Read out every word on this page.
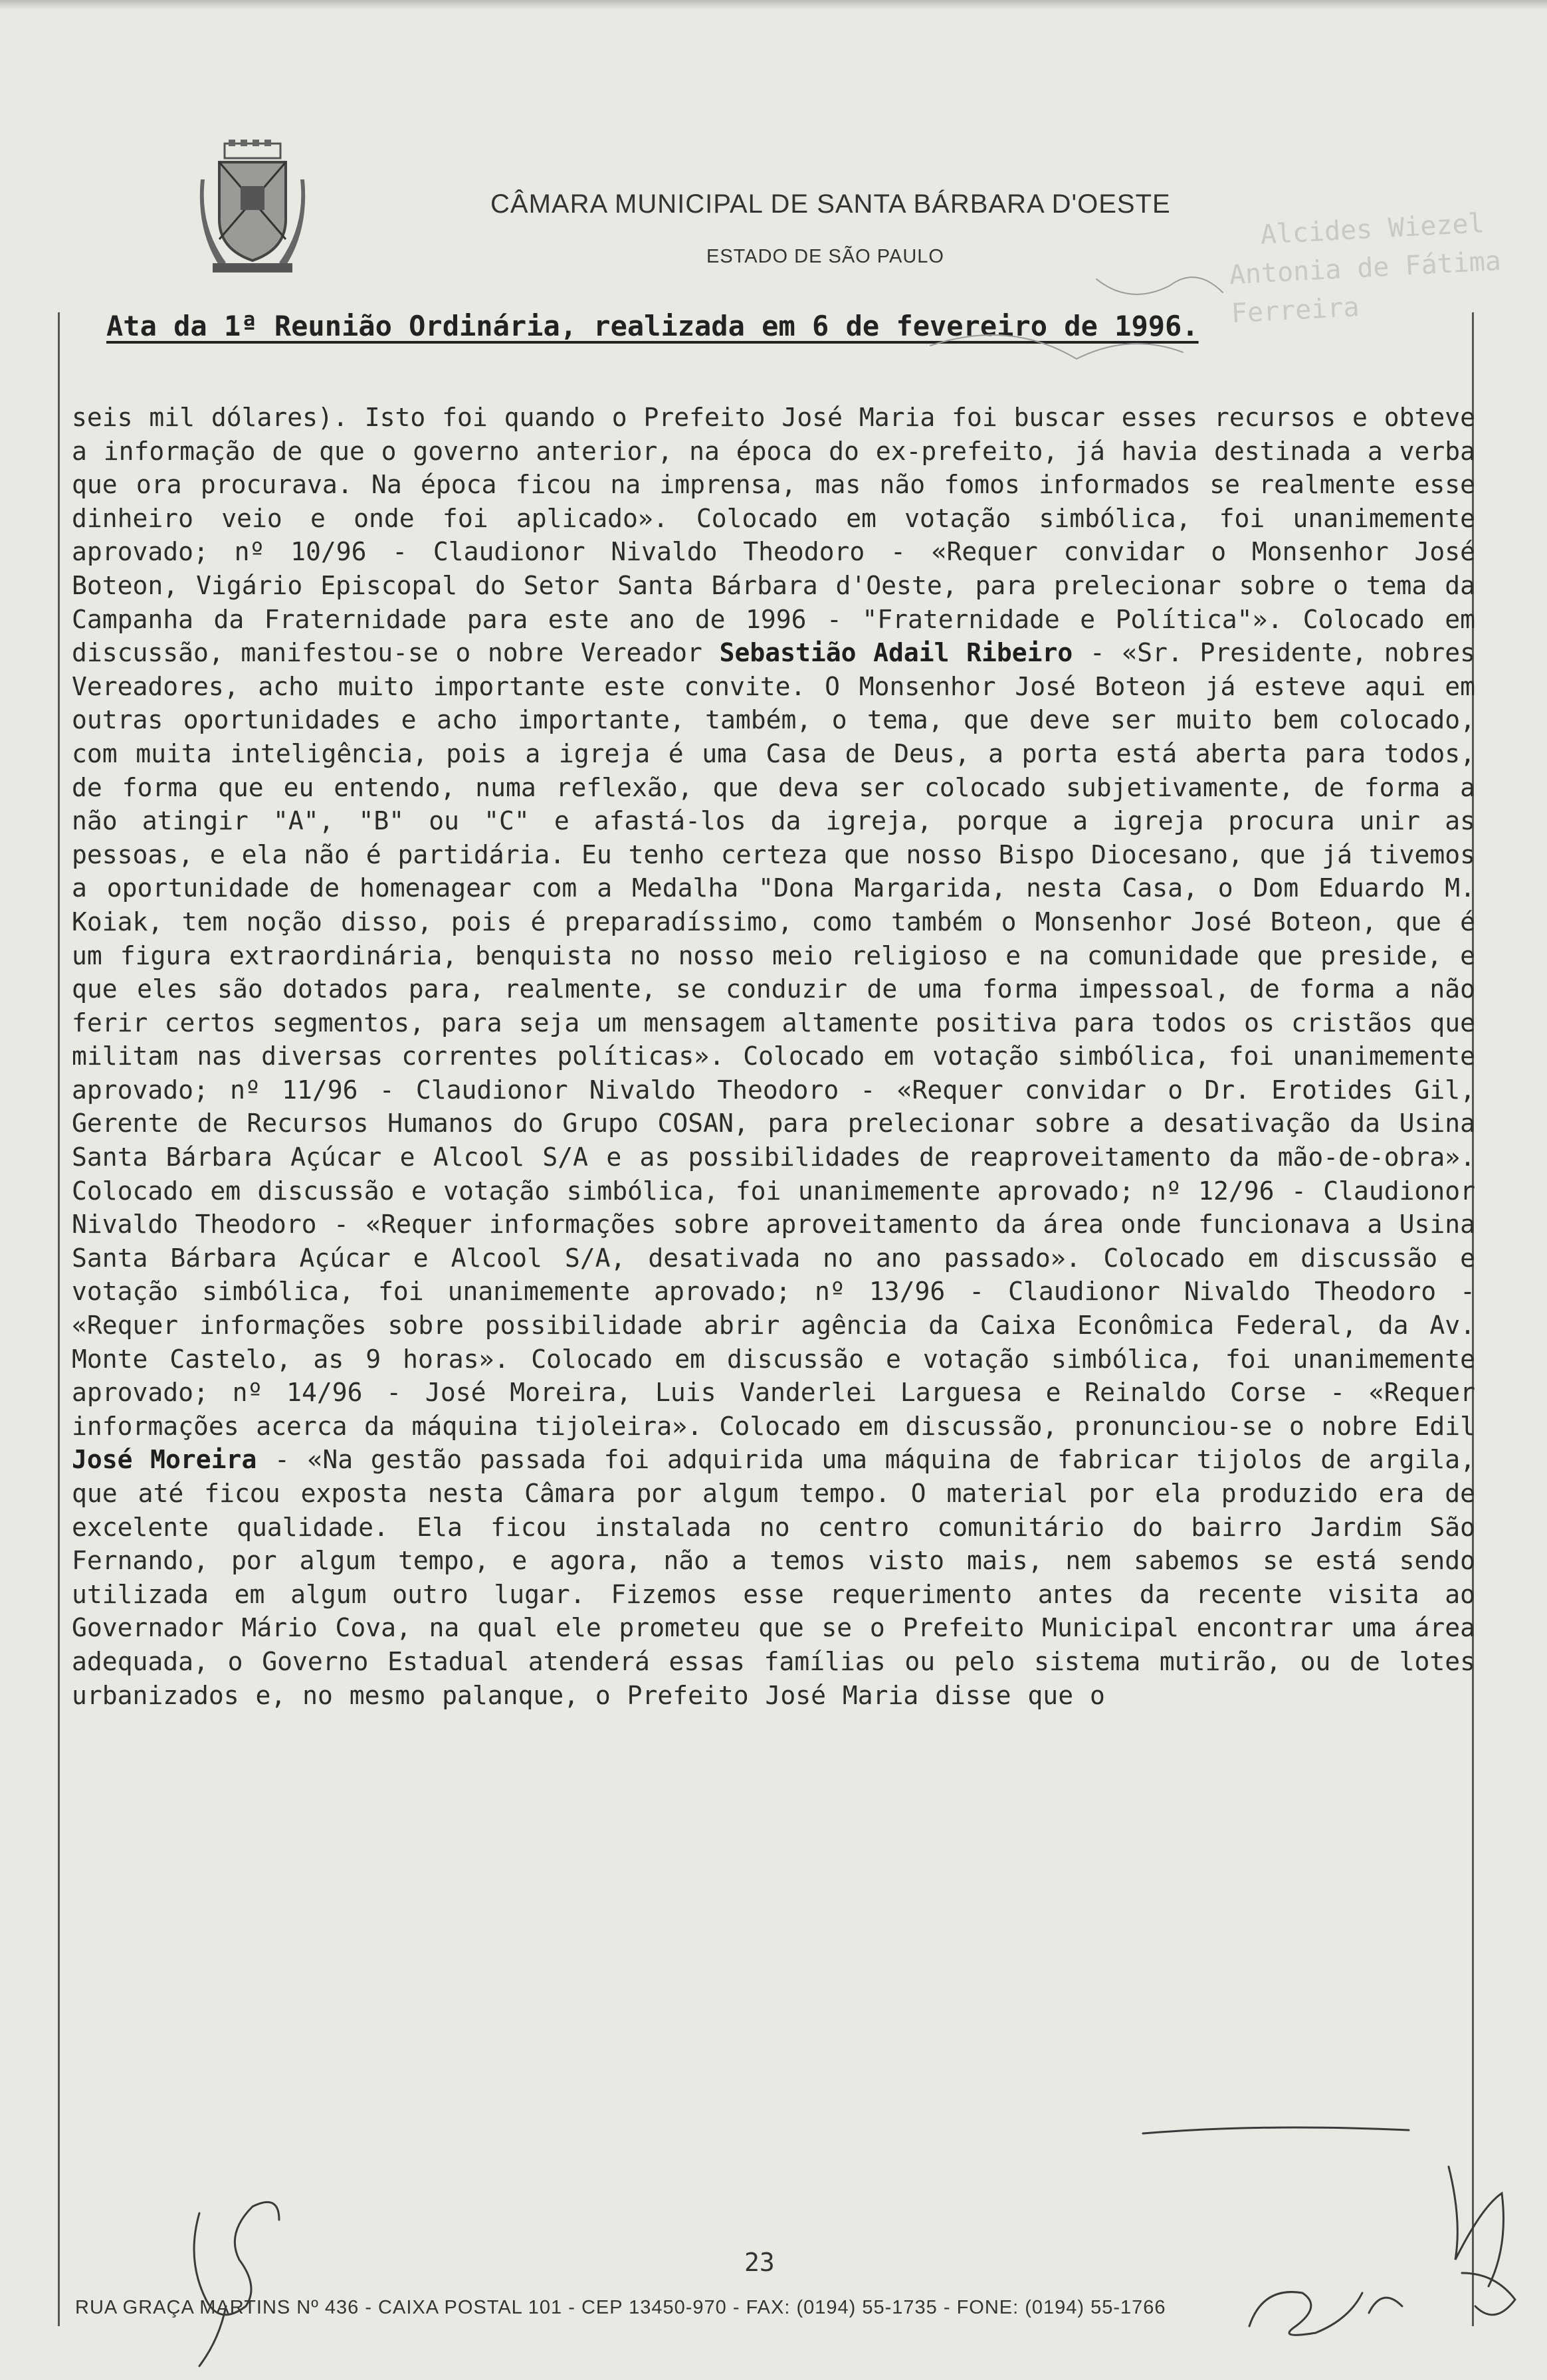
CÂMARA MUNICIPAL DE SANTA BÁRBARA D'OESTE
ESTADO DE SÃO PAULO
Alcides Wiezel
Antonia de Fátima Ferreira
Ata da 1ª Reunião Ordinária, realizada em 6 de fevereiro de 1996.
seis mil dólares). Isto foi quando o Prefeito José Maria foi buscar esses recursos e obteve a informação de que o governo anterior, na época do ex-prefeito, já havia destinada a verba que ora procurava. Na época ficou na imprensa, mas não fomos informados se realmente esse dinheiro veio e onde foi aplicado». Colocado em votação simbólica, foi unanimemente aprovado; nº 10/96 - Claudionor Nivaldo Theodoro - «Requer convidar o Monsenhor José Boteon, Vigário Episcopal do Setor Santa Bárbara d'Oeste, para prelecionar sobre o tema da Campanha da Fraternidade para este ano de 1996 - "Fraternidade e Política"». Colocado em discussão, manifestou-se o nobre Vereador Sebastião Adail Ribeiro - «Sr. Presidente, nobres Vereadores, acho muito importante este convite. O Monsenhor José Boteon já esteve aqui em outras oportunidades e acho importante, também, o tema, que deve ser muito bem colocado, com muita inteligência, pois a igreja é uma Casa de Deus, a porta está aberta para todos, de forma que eu entendo, numa reflexão, que deva ser colocado subjetivamente, de forma a não atingir "A", "B" ou "C" e afastá-los da igreja, porque a igreja procura unir as pessoas, e ela não é partidária. Eu tenho certeza que nosso Bispo Diocesano, que já tivemos a oportunidade de homenagear com a Medalha "Dona Margarida, nesta Casa, o Dom Eduardo M. Koiak, tem noção disso, pois é preparadíssimo, como também o Monsenhor José Boteon, que é um figura extraordinária, benquista no nosso meio religioso e na comunidade que preside, e que eles são dotados para, realmente, se conduzir de uma forma impessoal, de forma a não ferir certos segmentos, para seja um mensagem altamente positiva para todos os cristãos que militam nas diversas correntes políticas». Colocado em votação simbólica, foi unanimemente aprovado; nº 11/96 - Claudionor Nivaldo Theodoro - «Requer convidar o Dr. Erotides Gil, Gerente de Recursos Humanos do Grupo COSAN, para prelecionar sobre a desativação da Usina Santa Bárbara Açúcar e Alcool S/A e as possibilidades de reaproveitamento da mão-de-obra». Colocado em discussão e votação simbólica, foi unanimemente aprovado; nº 12/96 - Claudionor Nivaldo Theodoro - «Requer informações sobre aproveitamento da área onde funcionava a Usina Santa Bárbara Açúcar e Alcool S/A, desativada no ano passado». Colocado em discussão e votação simbólica, foi unanimemente aprovado; nº 13/96 - Claudionor Nivaldo Theodoro - «Requer informações sobre possibilidade abrir agência da Caixa Econômica Federal, da Av. Monte Castelo, as 9 horas». Colocado em discussão e votação simbólica, foi unanimemente aprovado; nº 14/96 - José Moreira, Luis Vanderlei Larguesa e Reinaldo Corse - «Requer informações acerca da máquina tijoleira». Colocado em discussão, pronunciou-se o nobre Edil José Moreira - «Na gestão passada foi adquirida uma máquina de fabricar tijolos de argila, que até ficou exposta nesta Câmara por algum tempo. O material por ela produzido era de excelente qualidade. Ela ficou instalada no centro comunitário do bairro Jardim São Fernando, por algum tempo, e agora, não a temos visto mais, nem sabemos se está sendo utilizada em algum outro lugar. Fizemos esse requerimento antes da recente visita ao Governador Mário Cova, na qual ele prometeu que se o Prefeito Municipal encontrar uma área adequada, o Governo Estadual atenderá essas famílias ou pelo sistema mutirão, ou de lotes urbanizados e, no mesmo palanque, o Prefeito José Maria disse que o
23
RUA GRAÇA MARTINS Nº 436 - CAIXA POSTAL 101 - CEP 13450-970 - FAX: (0194) 55-1735 - FONE: (0194) 55-1766
